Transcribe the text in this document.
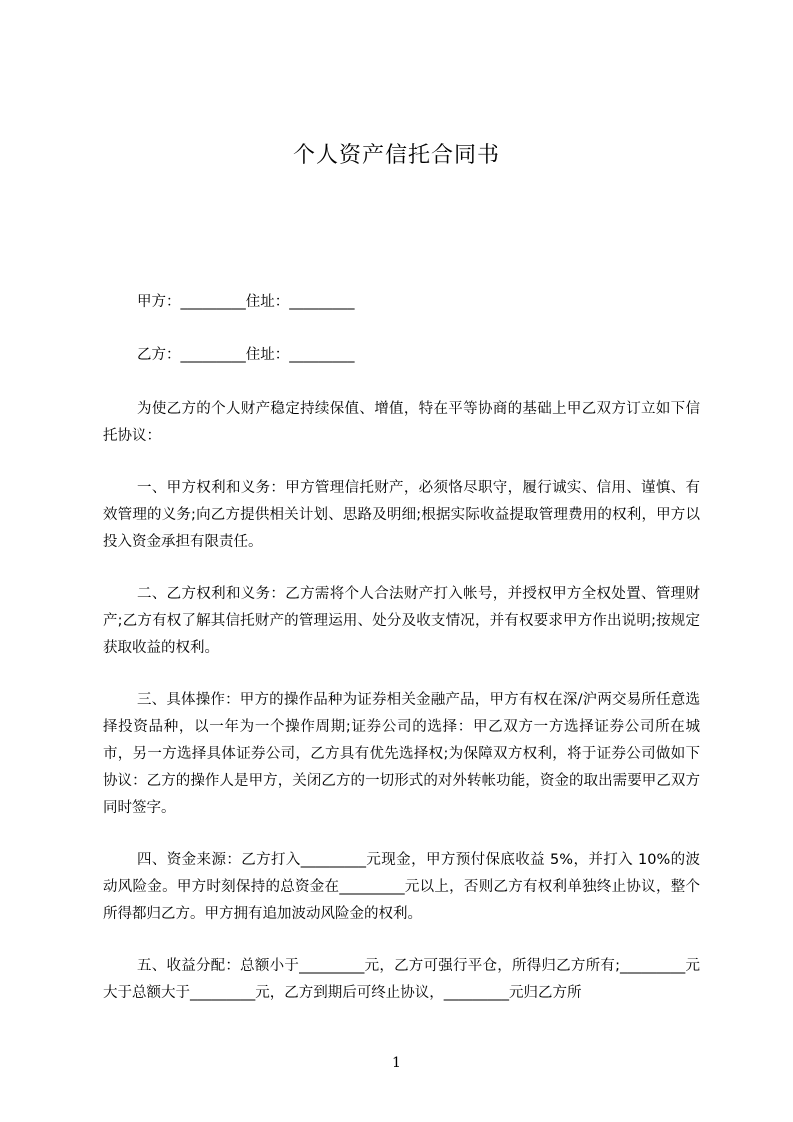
个人资产信托合同书
甲方：_________住址：_________
乙方：_________住址：_________
为使乙方的个人财产稳定持续保值、增值，特在平等协商的基础上甲乙双方订立如下信托协议：
一、甲方权利和义务：甲方管理信托财产，必须恪尽职守，履行诚实、信用、谨慎、有效管理的义务;向乙方提供相关计划、思路及明细;根据实际收益提取管理费用的权利，甲方以投入资金承担有限责任。
二、乙方权利和义务：乙方需将个人合法财产打入帐号，并授权甲方全权处置、管理财产;乙方有权了解其信托财产的管理运用、处分及收支情况，并有权要求甲方作出说明;按规定获取收益的权利。
三、具体操作：甲方的操作品种为证券相关金融产品，甲方有权在深/沪两交易所任意选择投资品种，以一年为一个操作周期;证券公司的选择：甲乙双方一方选择证券公司所在城市，另一方选择具体证券公司，乙方具有优先选择权;为保障双方权利，将于证券公司做如下协议：乙方的操作人是甲方，关闭乙方的一切形式的对外转帐功能，资金的取出需要甲乙双方同时签字。
四、资金来源：乙方打入_________元现金，甲方预付保底收益 5%，并打入 10%的波动风险金。甲方时刻保持的总资金在_________元以上，否则乙方有权利单独终止协议，整个所得都归乙方。甲方拥有追加波动风险金的权利。
五、收益分配：总额小于_________元，乙方可强行平仓，所得归乙方所有;_________元大于总额大于_________元，乙方到期后可终止协议，_________元归乙方所
1
